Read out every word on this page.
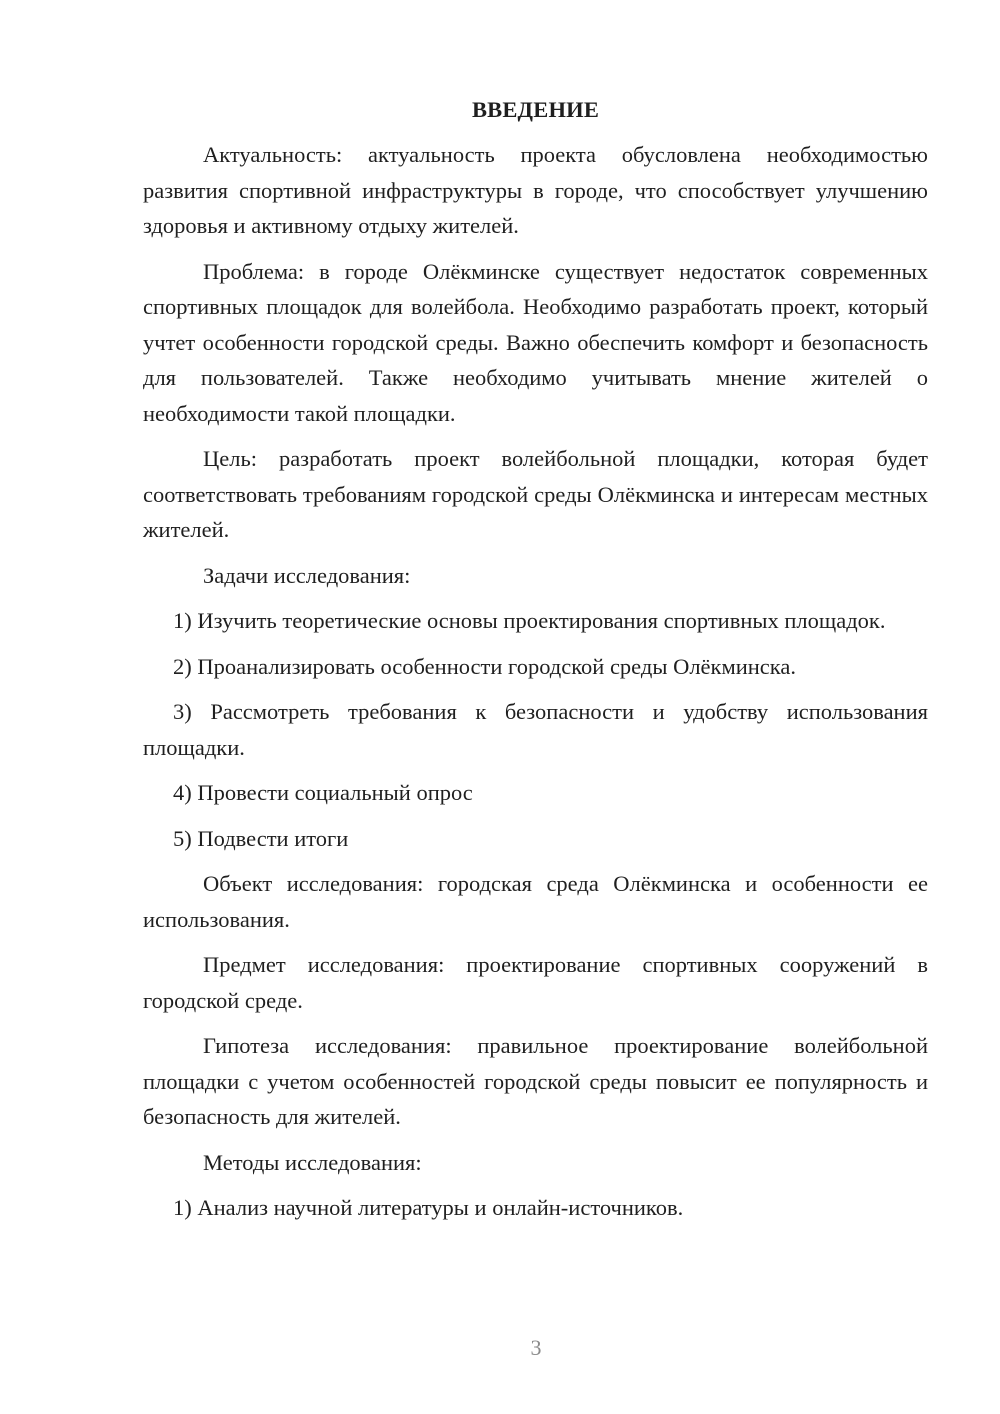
ВВЕДЕНИЕ
Актуальность: актуальность проекта обусловлена необходимостью развития спортивной инфраструктуры в городе, что способствует улучшению здоровья и активному отдыху жителей.
Проблема: в городе Олёкминске существует недостаток современных спортивных площадок для волейбола. Необходимо разработать проект, который учтет особенности городской среды. Важно обеспечить комфорт и безопасность для пользователей. Также необходимо учитывать мнение жителей о необходимости такой площадки.
Цель: разработать проект волейбольной площадки, которая будет соответствовать требованиям городской среды Олёкминска и интересам местных жителей.
Задачи исследования:
1) Изучить теоретические основы проектирования спортивных площадок.
2) Проанализировать особенности городской среды Олёкминска.
3) Рассмотреть требования к безопасности и удобству использования площадки.
4) Провести социальный опрос
5) Подвести итоги
Объект исследования: городская среда Олёкминска и особенности ее использования.
Предмет исследования: проектирование спортивных сооружений в городской среде.
Гипотеза исследования: правильное проектирование волейбольной площадки с учетом особенностей городской среды повысит ее популярность и безопасность для жителей.
Методы исследования:
1) Анализ научной литературы и онлайн-источников.
3
